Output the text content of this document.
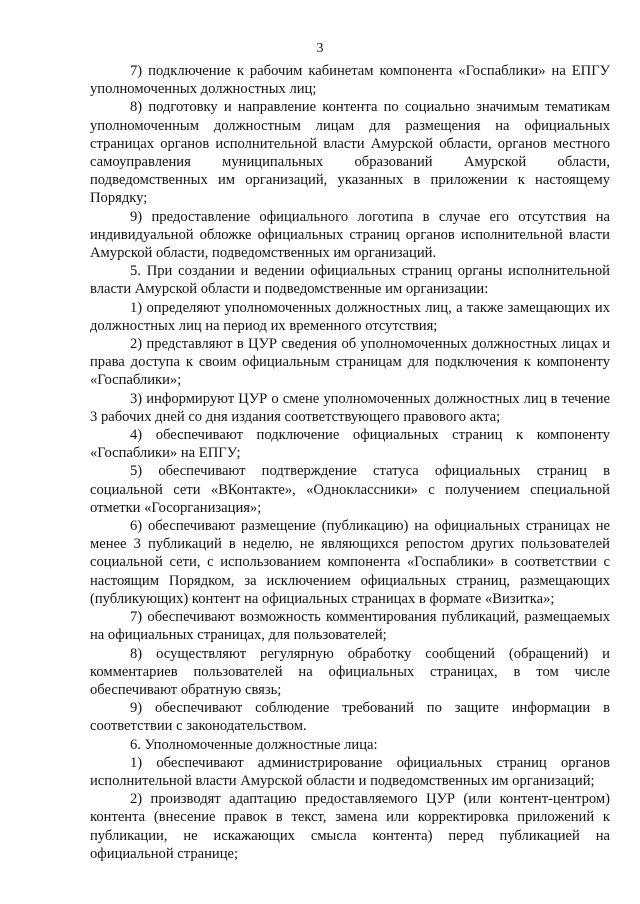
3

7) подключение к рабочим кабинетам компонента «Госпаблики» на ЕПГУ уполномоченных должностных лиц;

8) подготовку и направление контента по социально значимым тематикам уполномоченным должностным лицам для размещения на официальных страницах органов исполнительной власти Амурской области, органов местного самоуправления муниципальных образований Амурской области, подведомственных им организаций, указанных в приложении к настоящему Порядку;

9) предоставление официального логотипа в случае его отсутствия на индивидуальной обложке официальных страниц органов исполнительной власти Амурской области, подведомственных им организаций.

5. При создании и ведении официальных страниц органы исполнительной власти Амурской области и подведомственные им организации:

1) определяют уполномоченных должностных лиц, а также замещающих их должностных лиц на период их временного отсутствия;

2) представляют в ЦУР сведения об уполномоченных должностных лицах и права доступа к своим официальным страницам для подключения к компоненту «Госпаблики»;

3) информируют ЦУР о смене уполномоченных должностных лиц в течение 3 рабочих дней со дня издания соответствующего правового акта;

4) обеспечивают подключение официальных страниц к компоненту «Госпаблики» на ЕПГУ;

5) обеспечивают подтверждение статуса официальных страниц в социальной сети «ВКонтакте», «Одноклассники» с получением специальной отметки «Госорганизация»;

6) обеспечивают размещение (публикацию) на официальных страницах не менее 3 публикаций в неделю, не являющихся репостом других пользователей социальной сети, с использованием компонента «Госпаблики» в соответствии с настоящим Порядком, за исключением официальных страниц, размещающих (публикующих) контент на официальных страницах в формате «Визитка»;

7) обеспечивают возможность комментирования публикаций, размещаемых на официальных страницах, для пользователей;

8) осуществляют регулярную обработку сообщений (обращений) и комментариев пользователей на официальных страницах, в том числе обеспечивают обратную связь;

9) обеспечивают соблюдение требований по защите информации в соответствии с законодательством.

6. Уполномоченные должностные лица:

1) обеспечивают администрирование официальных страниц органов исполнительной власти Амурской области и подведомственных им организаций;

2) производят адаптацию предоставляемого ЦУР (или контент-центром) контента (внесение правок в текст, замена или корректировка приложений к публикации, не искажающих смысла контента) перед публикацией на официальной странице;
